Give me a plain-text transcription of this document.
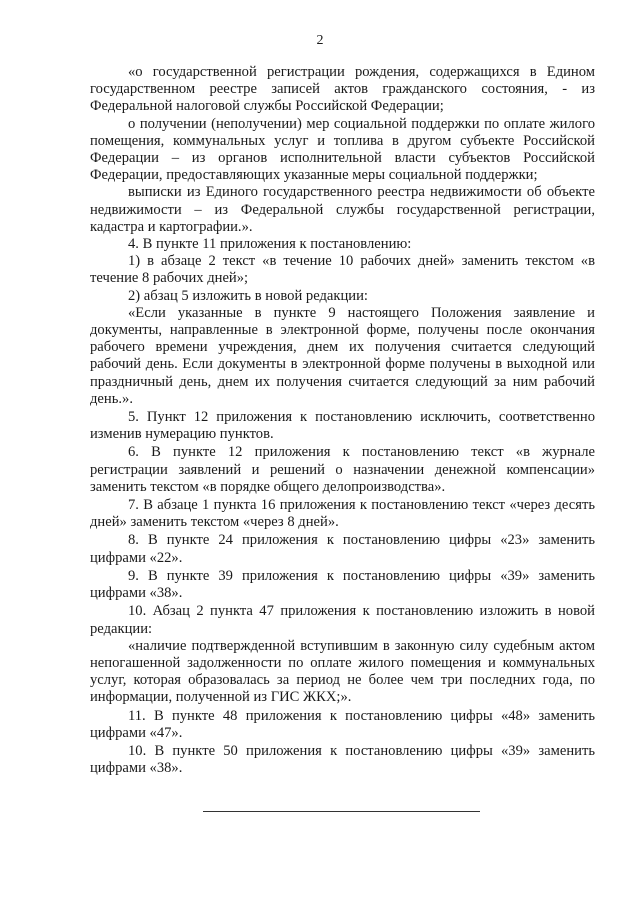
2

«о государственной регистрации рождения, содержащихся в Едином государственном реестре записей актов гражданского состояния, - из Федеральной налоговой службы Российской Федерации;

о получении (неполучении) мер социальной поддержки по оплате жилого помещения, коммунальных услуг и топлива в другом субъекте Российской Федерации – из органов исполнительной власти субъектов Российской Федерации, предоставляющих указанные меры социальной поддержки;

выписки из Единого государственного реестра недвижимости об объекте недвижимости – из Федеральной службы государственной регистрации, кадастра и картографии.».

4. В пункте 11 приложения к постановлению:

1) в абзаце 2 текст «в течение 10 рабочих дней» заменить текстом «в течение 8 рабочих дней»;

2) абзац 5 изложить в новой редакции:

«Если указанные в пункте 9 настоящего Положения заявление и документы, направленные в электронной форме, получены после окончания рабочего времени учреждения, днем их получения считается следующий рабочий день. Если документы в электронной форме получены в выходной или праздничный день, днем их получения считается следующий за ним рабочий день.».

5. Пункт 12 приложения к постановлению исключить, соответственно изменив нумерацию пунктов.

6. В пункте 12 приложения к постановлению текст «в журнале регистрации заявлений и решений о назначении денежной компенсации» заменить текстом «в порядке общего делопроизводства».

7. В абзаце 1 пункта 16 приложения к постановлению текст «через десять дней» заменить текстом «через 8 дней».

8. В пункте 24 приложения к постановлению цифры «23» заменить цифрами «22».

9. В пункте 39 приложения к постановлению цифры «39» заменить цифрами «38».

10. Абзац 2 пункта 47 приложения к постановлению изложить в новой редакции:

«наличие подтвержденной вступившим в законную силу судебным актом непогашенной задолженности по оплате жилого помещения и коммунальных услуг, которая образовалась за период не более чем три последних года, по информации, полученной из ГИС ЖКХ;».

11. В пункте 48 приложения к постановлению цифры «48» заменить цифрами «47».

10. В пункте 50 приложения к постановлению цифры «39» заменить цифрами «38».
